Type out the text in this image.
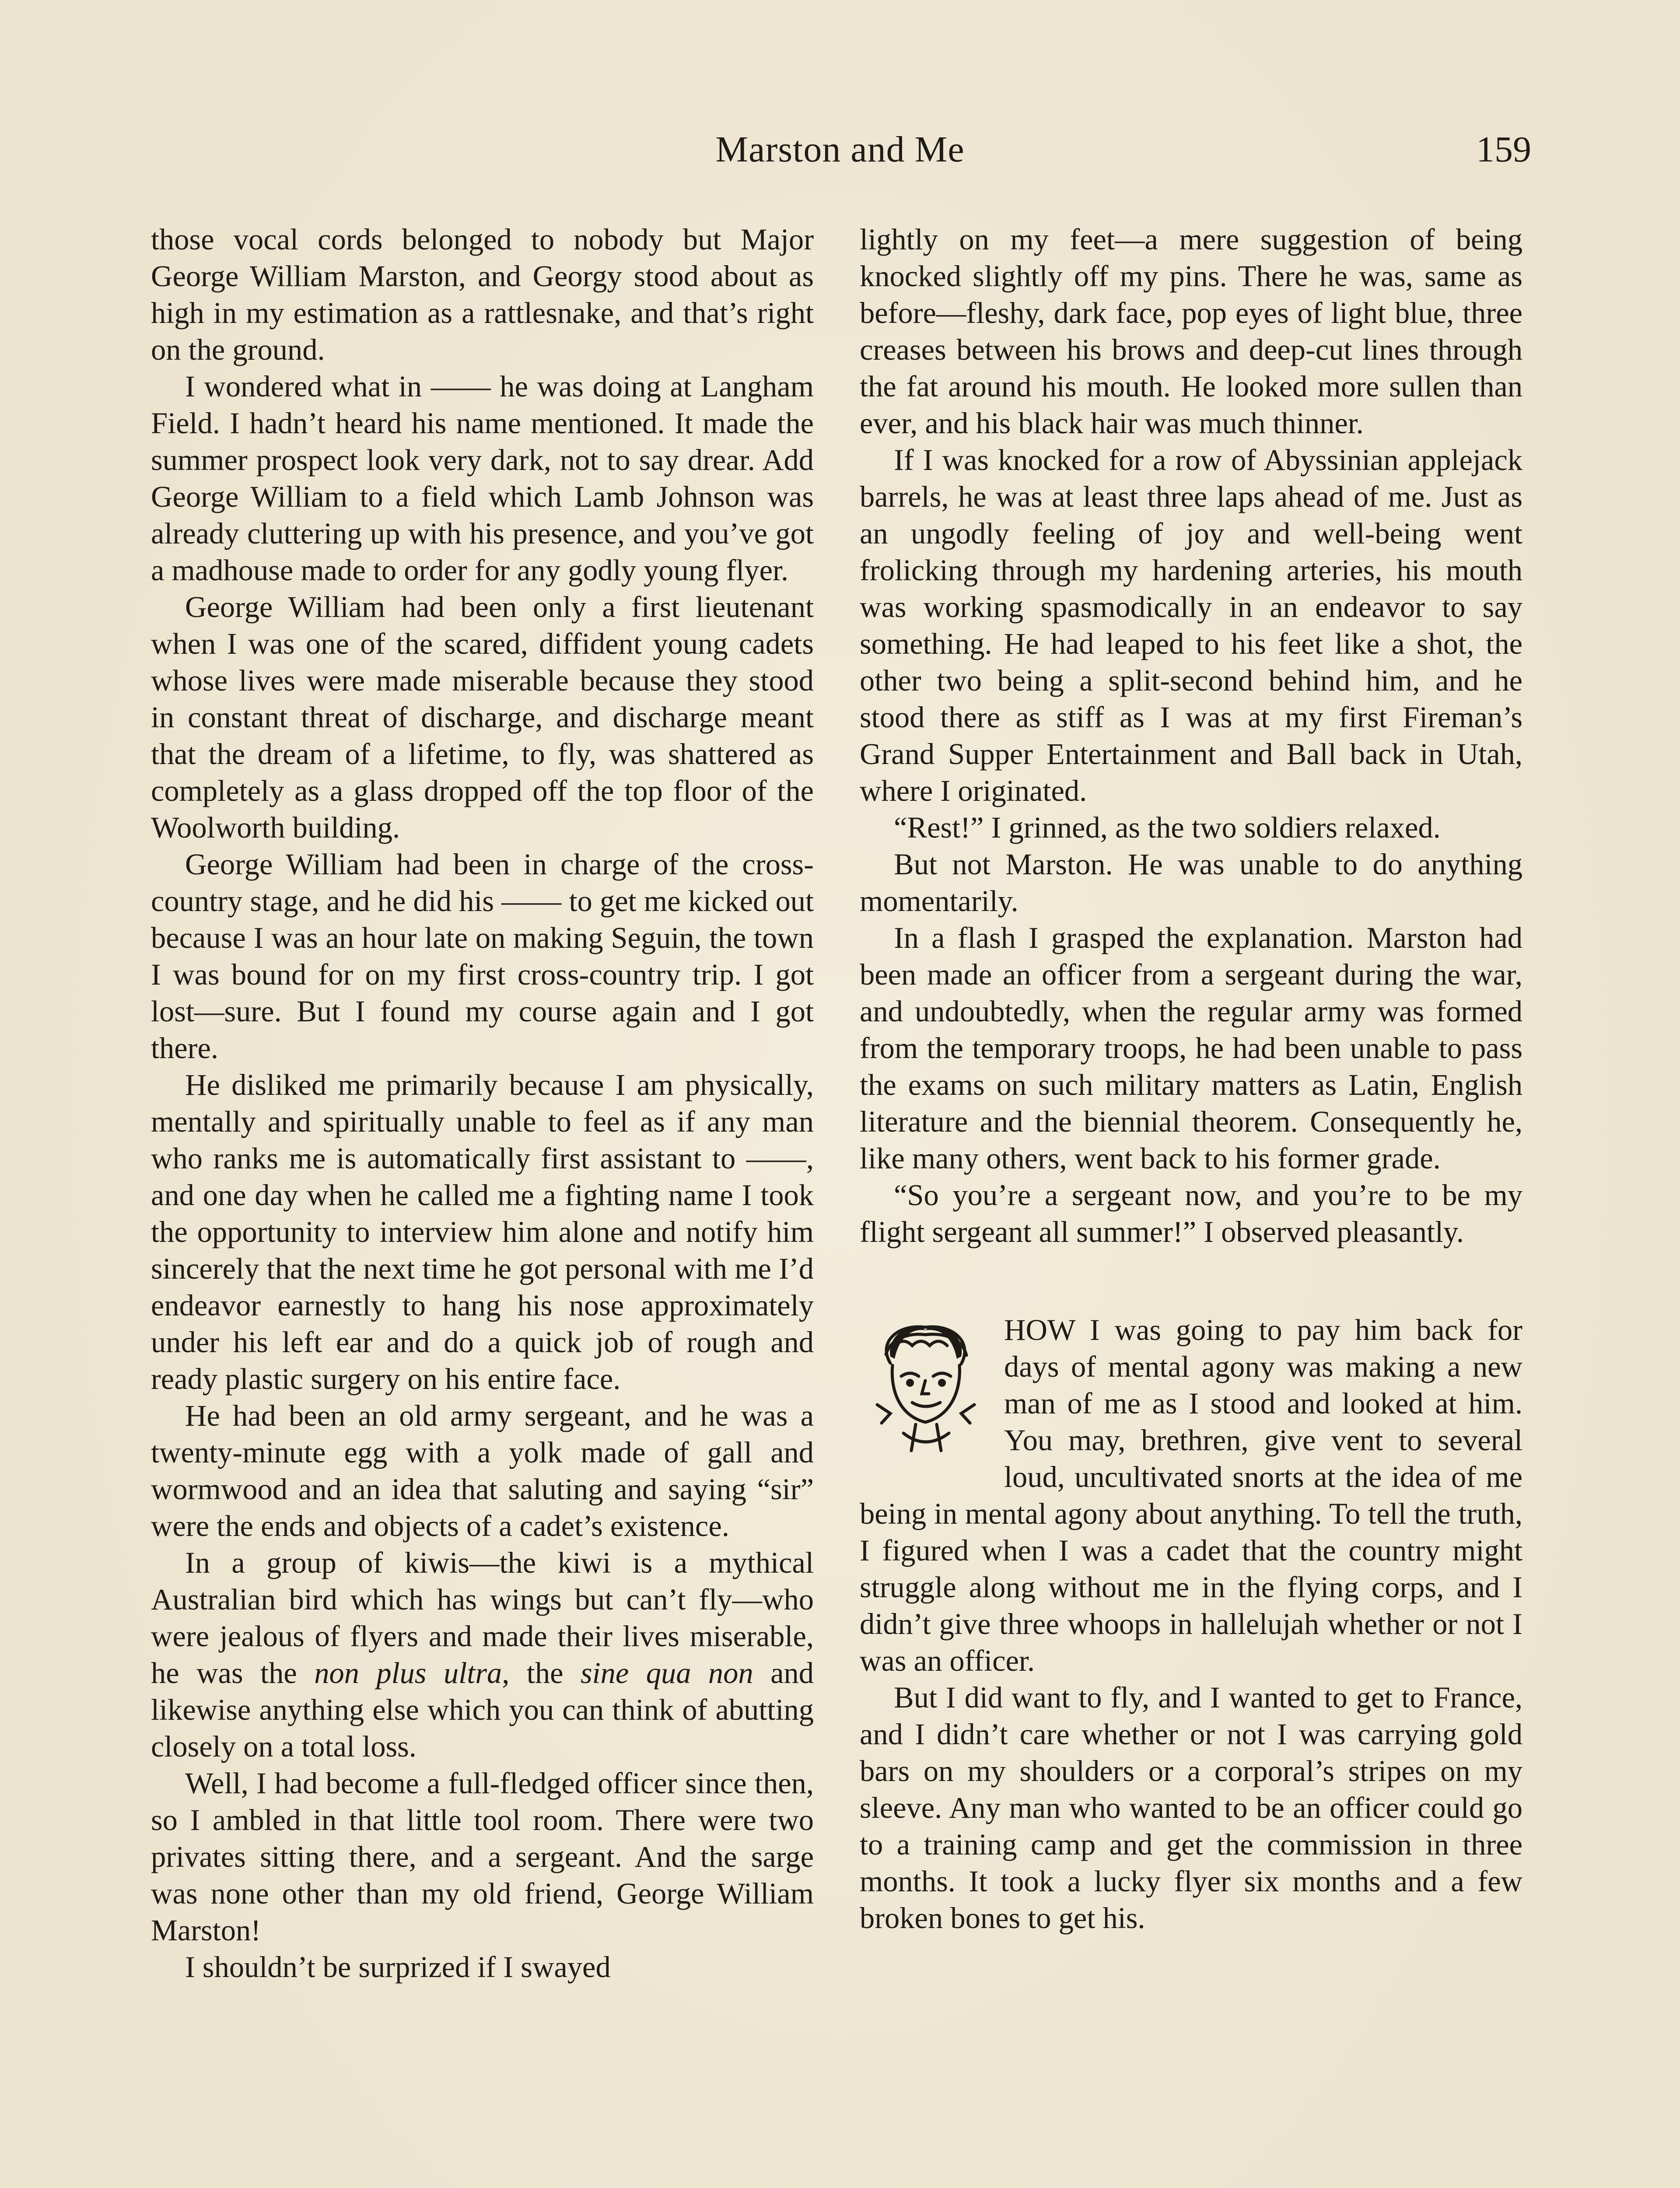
Marston and Me	159

those vocal cords belonged to nobody but Major George William Marston, and Georgy stood about as high in my estimation as a rattlesnake, and that’s right on the ground.

I wondered what in —— he was doing at Langham Field. I hadn’t heard his name mentioned. It made the summer prospect look very dark, not to say drear. Add George William to a field which Lamb Johnson was already cluttering up with his presence, and you’ve got a madhouse made to order for any godly young flyer.

George William had been only a first lieutenant when I was one of the scared, diffident young cadets whose lives were made miserable because they stood in constant threat of discharge, and discharge meant that the dream of a lifetime, to fly, was shattered as completely as a glass dropped off the top floor of the Woolworth building.

George William had been in charge of the cross-country stage, and he did his —— to get me kicked out because I was an hour late on making Seguin, the town I was bound for on my first cross-country trip. I got lost—sure. But I found my course again and I got there.

He disliked me primarily because I am physically, mentally and spiritually unable to feel as if any man who ranks me is automatically first assistant to ——, and one day when he called me a fighting name I took the opportunity to interview him alone and notify him sincerely that the next time he got personal with me I’d endeavor earnestly to hang his nose approximately under his left ear and do a quick job of rough and ready plastic surgery on his entire face.

He had been an old army sergeant, and he was a twenty-minute egg with a yolk made of gall and wormwood and an idea that saluting and saying “sir” were the ends and objects of a cadet’s existence.

In a group of kiwis—the kiwi is a mythical Australian bird which has wings but can’t fly—who were jealous of flyers and made their lives miserable, he was the non plus ultra, the sine qua non and likewise anything else which you can think of abutting closely on a total loss.

Well, I had become a full-fledged officer since then, so I ambled in that little tool room. There were two privates sitting there, and a sergeant. And the sarge was none other than my old friend, George William Marston!

I shouldn’t be surprized if I swayed

lightly on my feet—a mere suggestion of being knocked slightly off my pins. There he was, same as before—fleshy, dark face, pop eyes of light blue, three creases between his brows and deep-cut lines through the fat around his mouth. He looked more sullen than ever, and his black hair was much thinner.

If I was knocked for a row of Abyssinian applejack barrels, he was at least three laps ahead of me. Just as an ungodly feeling of joy and well-being went frolicking through my hardening arteries, his mouth was working spasmodically in an endeavor to say something. He had leaped to his feet like a shot, the other two being a split-second behind him, and he stood there as stiff as I was at my first Fireman’s Grand Supper Entertainment and Ball back in Utah, where I originated.

“Rest!” I grinned, as the two soldiers relaxed.

But not Marston. He was unable to do anything momentarily.

In a flash I grasped the explanation. Marston had been made an officer from a sergeant during the war, and undoubtedly, when the regular army was formed from the temporary troops, he had been unable to pass the exams on such military matters as Latin, English literature and the biennial theorem. Consequently he, like many others, went back to his former grade.

“So you’re a sergeant now, and you’re to be my flight sergeant all summer!” I observed pleasantly.

HOW I was going to pay him back for days of mental agony was making a new man of me as I stood and looked at him. You may, brethren, give vent to several loud, uncultivated snorts at the idea of me being in mental agony about anything. To tell the truth, I figured when I was a cadet that the country might struggle along without me in the flying corps, and I didn’t give three whoops in hallelujah whether or not I was an officer.

But I did want to fly, and I wanted to get to France, and I didn’t care whether or not I was carrying gold bars on my shoulders or a corporal’s stripes on my sleeve. Any man who wanted to be an officer could go to a training camp and get the commission in three months. It took a lucky flyer six months and a few broken bones to get his.
